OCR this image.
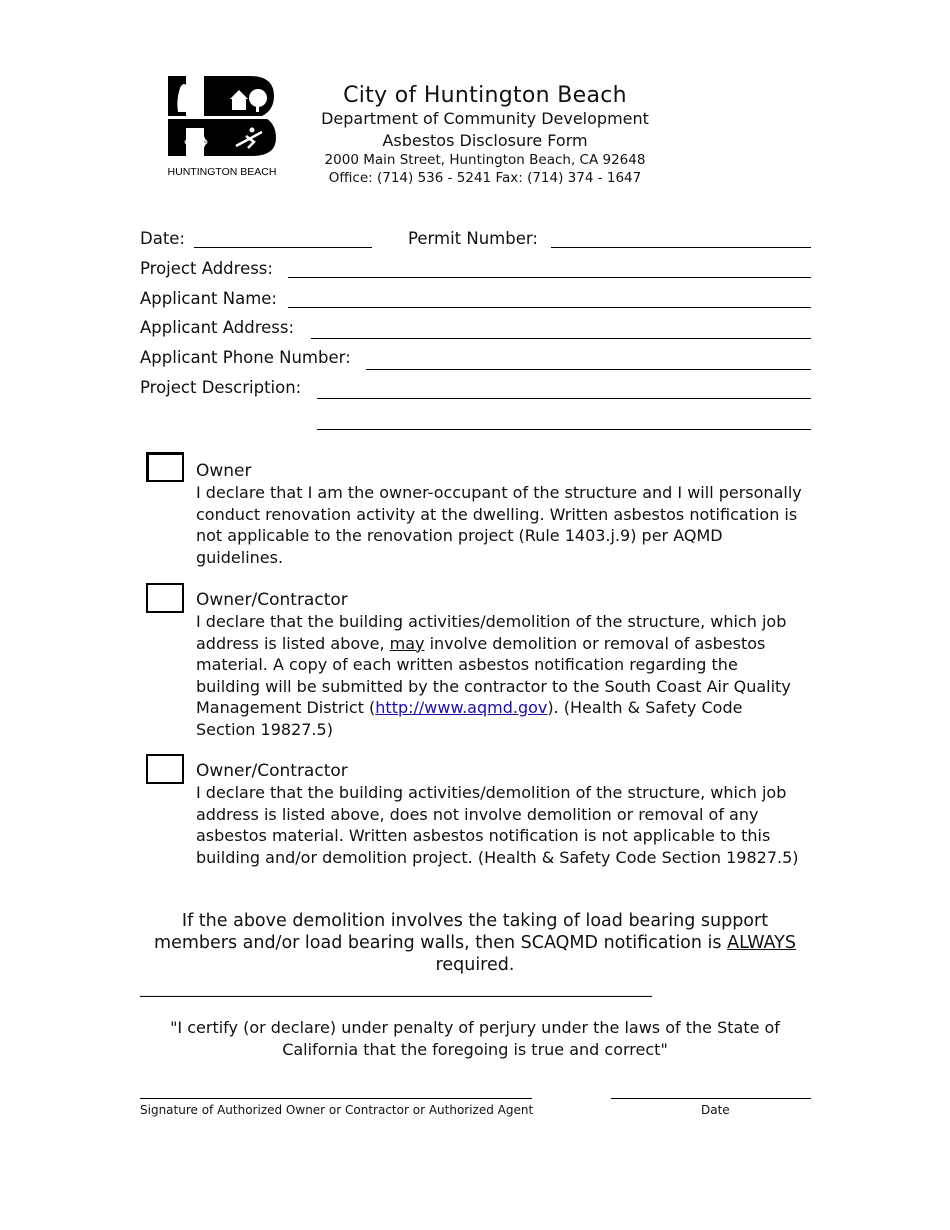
HUNTINGTON BEACH
City of Huntington Beach
Department of Community Development
Asbestos Disclosure Form
2000 Main Street, Huntington Beach, CA 92648
Office: (714) 536 - 5241 Fax: (714) 374 - 1647
Date:	Permit Number:
Project Address:
Applicant Name:
Applicant Address:
Applicant Phone Number:
Project Description:
Owner
I declare that I am the owner-occupant of the structure and I will personally conduct renovation activity at the dwelling. Written asbestos notification is not applicable to the renovation project (Rule 1403.j.9) per AQMD guidelines.
Owner/Contractor
I declare that the building activities/demolition of the structure, which job address is listed above, may involve demolition or removal of asbestos material. A copy of each written asbestos notification regarding the building will be submitted by the contractor to the South Coast Air Quality Management District (http://www.aqmd.gov). (Health & Safety Code Section 19827.5)
Owner/Contractor
I declare that the building activities/demolition of the structure, which job address is listed above, does not involve demolition or removal of any asbestos material. Written asbestos notification is not applicable to this building and/or demolition project. (Health & Safety Code Section 19827.5)
If the above demolition involves the taking of load bearing support members and/or load bearing walls, then SCAQMD notification is ALWAYS required.
________________________________________________________________
"I certify (or declare) under penalty of perjury under the laws of the State of California that the foregoing is true and correct"
Signature of Authorized Owner or Contractor or Authorized Agent	Date
